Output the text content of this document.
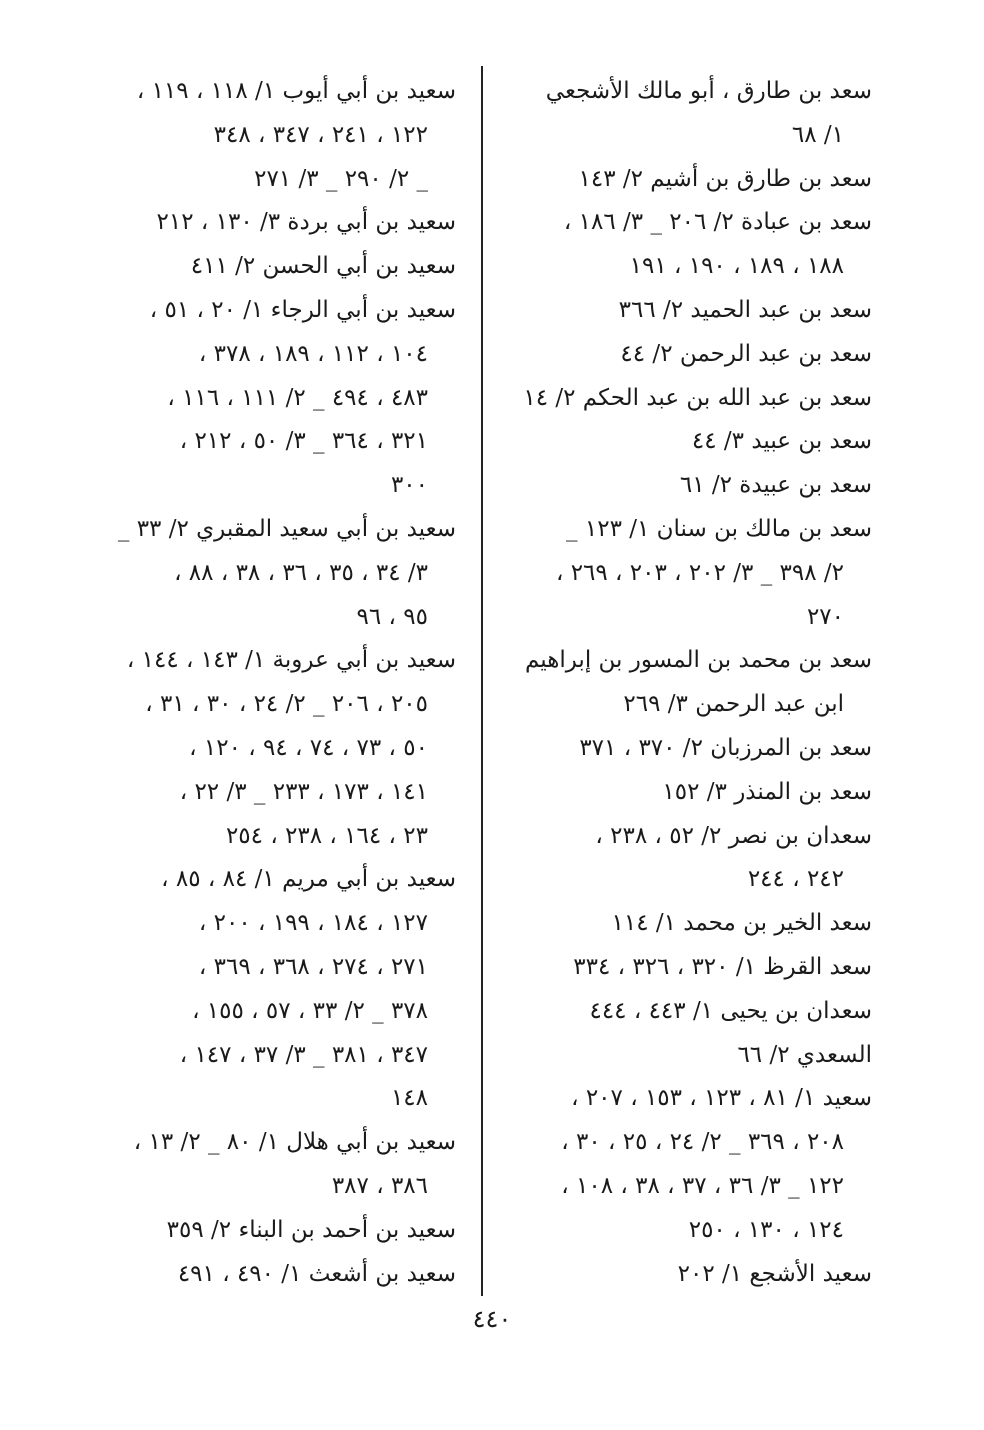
سعد بن طارق ، أبو مالك الأشجعي
١/ ٦٨
سعد بن طارق بن أشيم ٢/ ١٤٣
سعد بن عبادة ٢/ ٢٠٦ _ ٣/ ١٨٦ ،
١٨٨ ، ١٨٩ ، ١٩٠ ، ١٩١
سعد بن عبد الحميد ٢/ ٣٦٦
سعد بن عبد الرحمن ٢/ ٤٤
سعد بن عبد الله بن عبد الحكم ٢/ ١٤
سعد بن عبيد ٣/ ٤٤
سعد بن عبيدة ٢/ ٦١
سعد بن مالك بن سنان ١/ ١٢٣ _
٢/ ٣٩٨ _ ٣/ ٢٠٢ ، ٢٠٣ ، ٢٦٩ ،
٢٧٠
سعد بن محمد بن المسور بن إبراهيم
ابن عبد الرحمن ٣/ ٢٦٩
سعد بن المرزبان ٢/ ٣٧٠ ، ٣٧١
سعد بن المنذر ٣/ ١٥٢
سعدان بن نصر ٢/ ٥٢ ، ٢٣٨ ،
٢٤٢ ، ٢٤٤
سعد الخير بن محمد ١/ ١١٤
سعد القرظ ١/ ٣٢٠ ، ٣٢٦ ، ٣٣٤
سعدان بن يحيى ١/ ٤٤٣ ، ٤٤٤
السعدي ٢/ ٦٦
سعيد ١/ ٨١ ، ١٢٣ ، ١٥٣ ، ٢٠٧ ،
٢٠٨ ، ٣٦٩ _ ٢/ ٢٤ ، ٢٥ ، ٣٠ ،
١٢٢ _ ٣/ ٣٦ ، ٣٧ ، ٣٨ ، ١٠٨ ،
١٢٤ ، ١٣٠ ، ٢٥٠
سعيد الأشجع ١/ ٢٠٢
سعيد بن أبي أيوب ١/ ١١٨ ، ١١٩ ،
١٢٢ ، ٢٤١ ، ٣٤٧ ، ٣٤٨
_ ٢/ ٢٩٠ _ ٣/ ٢٧١
سعيد بن أبي بردة ٣/ ١٣٠ ، ٢١٢
سعيد بن أبي الحسن ٢/ ٤١١
سعيد بن أبي الرجاء ١/ ٢٠ ، ٥١ ،
١٠٤ ، ١١٢ ، ١٨٩ ، ٣٧٨ ،
٤٨٣ ، ٤٩٤ _ ٢/ ١١١ ، ١١٦ ،
٣٢١ ، ٣٦٤ _ ٣/ ٥٠ ، ٢١٢ ،
٣٠٠
سعيد بن أبي سعيد المقبري ٢/ ٣٣ _
٣/ ٣٤ ، ٣٥ ، ٣٦ ، ٣٨ ، ٨٨ ،
٩٥ ، ٩٦
سعيد بن أبي عروبة ١/ ١٤٣ ، ١٤٤ ،
٢٠٥ ، ٢٠٦ _ ٢/ ٢٤ ، ٣٠ ، ٣١ ،
٥٠ ، ٧٣ ، ٧٤ ، ٩٤ ، ١٢٠ ،
١٤١ ، ١٧٣ ، ٢٣٣ _ ٣/ ٢٢ ،
٢٣ ، ١٦٤ ، ٢٣٨ ، ٢٥٤
سعيد بن أبي مريم ١/ ٨٤ ، ٨٥ ،
١٢٧ ، ١٨٤ ، ١٩٩ ، ٢٠٠ ،
٢٧١ ، ٢٧٤ ، ٣٦٨ ، ٣٦٩ ،
٣٧٨ _ ٢/ ٣٣ ، ٥٧ ، ١٥٥ ،
٣٤٧ ، ٣٨١ _ ٣/ ٣٧ ، ١٤٧ ،
١٤٨
سعيد بن أبي هلال ١/ ٨٠ _ ٢/ ١٣ ،
٣٨٦ ، ٣٨٧
سعيد بن أحمد بن البناء ٢/ ٣٥٩
سعيد بن أشعث ١/ ٤٩٠ ، ٤٩١
٤٤٠
